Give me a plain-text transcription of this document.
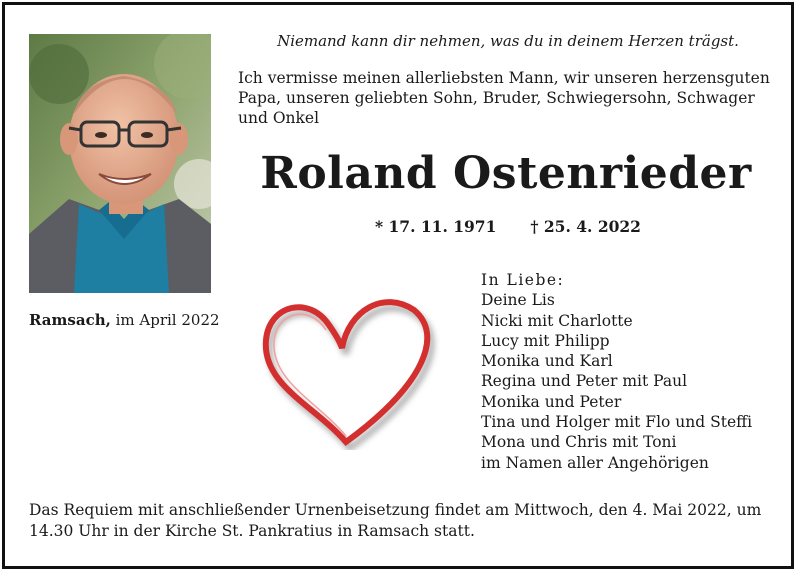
Ramsach, im April 2022
Niemand kann dir nehmen, was du in deinem Herzen trägst.
Ich vermisse meinen allerliebsten Mann, wir unseren herzensguten Papa, unseren geliebten Sohn, Bruder, Schwiegersohn, Schwager und Onkel
Roland Ostenrieder
* 17. 11. 1971 † 25. 4. 2022
In Liebe:
Deine Lis
Nicki mit Charlotte
Lucy mit Philipp
Monika und Karl
Regina und Peter mit Paul
Monika und Peter
Tina und Holger mit Flo und Steffi
Mona und Chris mit Toni
im Namen aller Angehörigen
Das Requiem mit anschließender Urnenbeisetzung findet am Mittwoch, den 4. Mai 2022, um 14.30 Uhr in der Kirche St. Pankratius in Ramsach statt.
